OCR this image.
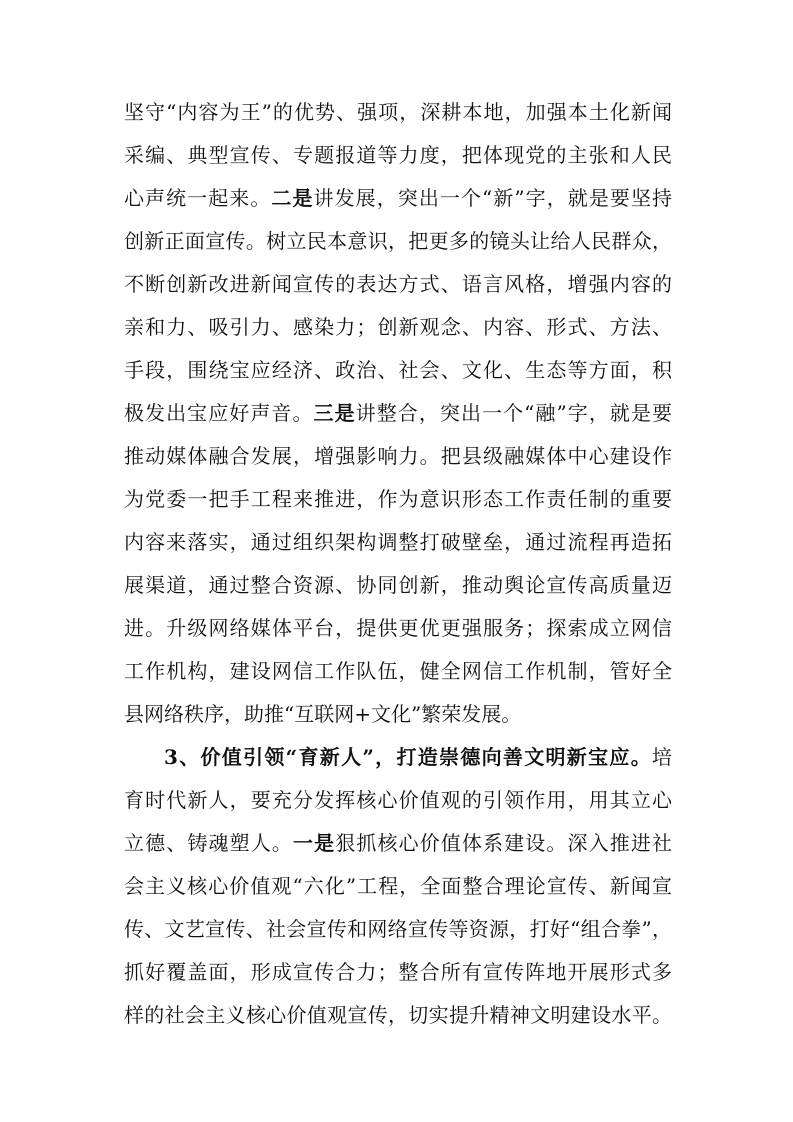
坚守“内容为王”的优势、强项，深耕本地，加强本土化新闻
采编、典型宣传、专题报道等力度，把体现党的主张和人民
心声统一起来。二是讲发展，突出一个“新”字，就是要坚持
创新正面宣传。树立民本意识，把更多的镜头让给人民群众，
不断创新改进新闻宣传的表达方式、语言风格，增强内容的
亲和力、吸引力、感染力；创新观念、内容、形式、方法、
手段，围绕宝应经济、政治、社会、文化、生态等方面，积
极发出宝应好声音。三是讲整合，突出一个“融”字，就是要
推动媒体融合发展，增强影响力。把县级融媒体中心建设作
为党委一把手工程来推进，作为意识形态工作责任制的重要
内容来落实，通过组织架构调整打破壁垒，通过流程再造拓
展渠道，通过整合资源、协同创新，推动舆论宣传高质量迈
进。升级网络媒体平台，提供更优更强服务；探索成立网信
工作机构，建设网信工作队伍，健全网信工作机制，管好全
县网络秩序，助推“互联网+文化”繁荣发展。
3、价值引领“育新人”，打造崇德向善文明新宝应。培
育时代新人，要充分发挥核心价值观的引领作用，用其立心
立德、铸魂塑人。一是狠抓核心价值体系建设。深入推进社
会主义核心价值观“六化”工程，全面整合理论宣传、新闻宣
传、文艺宣传、社会宣传和网络宣传等资源，打好“组合拳”，
抓好覆盖面，形成宣传合力；整合所有宣传阵地开展形式多
样的社会主义核心价值观宣传，切实提升精神文明建设水平。
